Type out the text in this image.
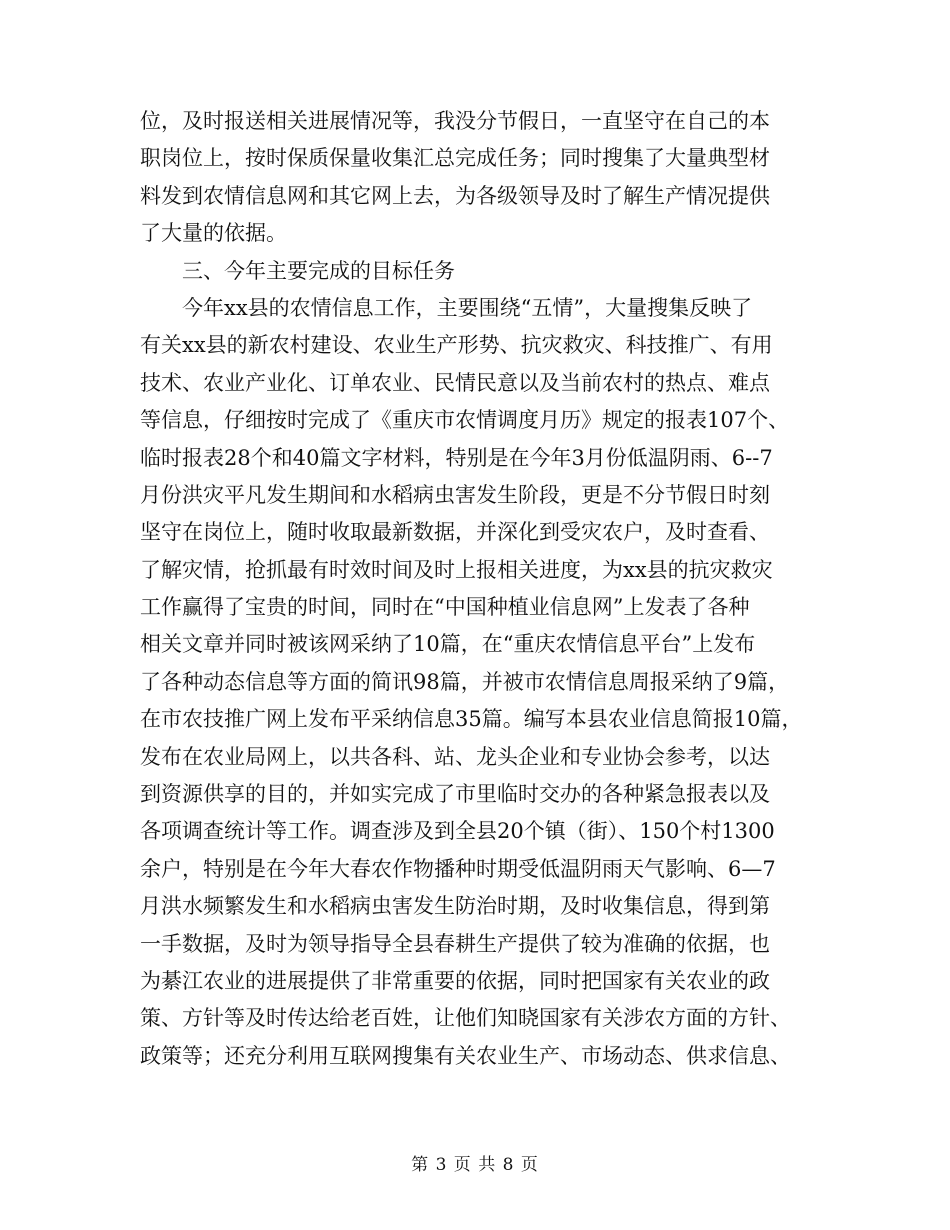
位，及时报送相关进展情况等，我没分节假日，一直坚守在自己的本
职岗位上，按时保质保量收集汇总完成任务；同时搜集了大量典型材
料发到农情信息网和其它网上去，为各级领导及时了解生产情况提供
了大量的依据。
　　三、今年主要完成的目标任务
　　今年xx县的农情信息工作，主要围绕“五情”，大量搜集反映了
有关xx县的新农村建设、农业生产形势、抗灾救灾、科技推广、有用
技术、农业产业化、订单农业、民情民意以及当前农村的热点、难点
等信息，仔细按时完成了《重庆市农情调度月历》规定的报表107个、
临时报表28个和40篇文字材料，特别是在今年3月份低温阴雨、6--7
月份洪灾平凡发生期间和水稻病虫害发生阶段，更是不分节假日时刻
坚守在岗位上，随时收取最新数据，并深化到受灾农户，及时查看、
了解灾情，抢抓最有时效时间及时上报相关进度，为xx县的抗灾救灾
工作赢得了宝贵的时间，同时在“中国种植业信息网”上发表了各种
相关文章并同时被该网采纳了10篇，在“重庆农情信息平台”上发布
了各种动态信息等方面的简讯98篇，并被市农情信息周报采纳了9篇，
在市农技推广网上发布平采纳信息35篇。编写本县农业信息简报10篇，
发布在农业局网上，以共各科、站、龙头企业和专业协会参考，以达
到资源供享的目的，并如实完成了市里临时交办的各种紧急报表以及
各项调查统计等工作。调查涉及到全县20个镇（街）、150个村1300
余户，特别是在今年大春农作物播种时期受低温阴雨天气影响、6—7
月洪水频繁发生和水稻病虫害发生防治时期，及时收集信息，得到第
一手数据，及时为领导指导全县春耕生产提供了较为准确的依据，也
为綦江农业的进展提供了非常重要的依据，同时把国家有关农业的政
策、方针等及时传达给老百姓，让他们知晓国家有关涉农方面的方针、
政策等；还充分利用互联网搜集有关农业生产、市场动态、供求信息、
第 3 页 共 8 页
